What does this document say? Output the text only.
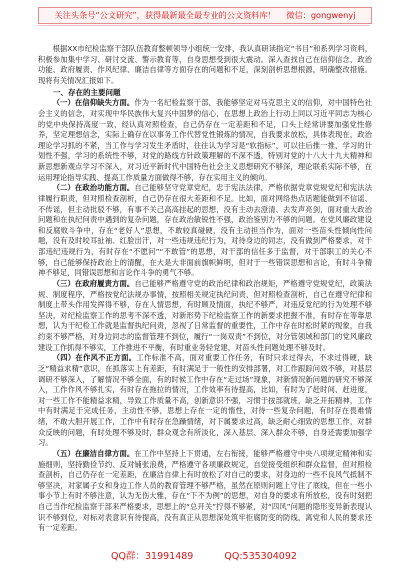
关注头条号“公文研究”，获得最新最全最专业的公文资料库！ 微信：gongwenyj

根据XX市纪检监察干部队伍教育整顿领导小组统一安排，我认真研读指定“书目”和系列学习资料，积极参加集中学习、研讨交流、警示教育等，自身思想受到很大震动。深入查找自己在信仰信念、政治功能、政府履责、作风纪律、廉洁自律等方面存在的问题和不足，深刻剖析思想根源，明确整改措施。现将有关情况汇报如下。

一、存在的主要问题

（一）在信仰缺失方面。作为一名纪检监察干部，我能够坚定对马克思主义的信仰，对中国特色社会主义的信念，对实现中华民族伟大复兴中国梦的信心，在思想上政治上行动上同以习近平同志为核心的党中央保持高度一致，经认真对照检查，自己仍存在一定差距和不足，口头上经常讲要加强党性修养，坚定理想信念，实际上确存在以事务工作代替党性锻炼的情况，自我要求放松，具体表现在，政治理论学习抓的不紧，当工作与学习发生矛盾时，往往认为学习是“软指标”，可以往后推一推，学习的计划性不强，学习的系统性不够，对党的路线方针政策理解的不深不透，特别对党的十八大十九大精神和新思想新观点学习不深入，对习近平新时代中国特色社会主义思想研究不够深，理论联系实际不够，在运用理论指导实践、提高工作质量方面做得不够，存在实用主义的倾向。

（二）在政治功能方面。自己能够坚守党章党纪，忠于宪法法律，严格依据党章党规党纪和宪法法律履行职责，但对照检查剖析，自己仍存在很大差距和不足。比如，面对网络热点话题能做到不信谣、不传谣，但主动批驳不够，有事不关己高高挂起的思想，没有主动去澄清、去发声亮剑，面对重大政治问题和在执纪问责中遇到的复杂问题，存在政治敏锐性不强，政治鉴别力不够的问题。在党风廉政建设和反腐败斗争中，存在“老好人”思想，不敢较真碰硬，没有主动担当作为，面对一些苗头性倾向性问题，没有及时咬耳扯袖、红脸出汗，对一些违规违纪行为，对待身边的同志，没有做到严格要求，对干部违纪违规行为，有时存在“不愿问”“不敢管”的思想，对干部的信任多于监督，对干部职工的关心不够，自己能够保持政治上的清醒，在大是大非面前旗帜鲜明，但对于一些错误思想和言论，有时斗争精神不够足，同错误思想和言论作斗争的勇气不够。

（三）在政府履责方面。自己能够严格遵守党的政治纪律和政治规矩，严格遵守党规党纪，政策法规、制度程序，严格按党纪法规办事情，按照相关规定执纪问责，但对照检查剖析，自己在遵守纪律和制度上带头作用发挥得不够，存在人情思想，有时顾及情面，执纪不够严，对违反党纪的行为处理不够坚决，对纪检监察工作的思考不深不透，对新形势下纪检监察工作的新要求把握不准，有时存在等靠思想，认为干纪检工作就是监督执纪问责，忽视了日常监督的重要性，工作中存在时松时紧的现象，自我约束不够严格，对身边同志的监督管理不到位，履行“一岗双责”不到位，对分管领域和部门的党风廉政建设工作抓得不够实，工作推进不平衡，有时重业务轻党建，对苗头性问题处理不够及时。

（四）在作风不正方面。工作标准不高，面对重要工作任务，有时只求过得去，不求过得硬，缺乏“精益求精”意识，在抓落实上有差距，有时满足于一般性的安排部署，对工作跟踪问效不够，对基层调研不够深入，了解情况不够全面，有的时候工作中存在“走过场”现象，对新情况新问题的研究不够深入，工作作风不够扎实，有时存在拖拉的情况，工作效率有待提高，比如，有时为了赶时间、赶进度，对一些工作不能精益求精，导致工作质量不高，创新意识不强，习惯于按部就班，缺乏开拓精神，工作中有时满足于完成任务，主动性不够，思想上存在一定的惰性，对待一些复杂问题，有时存在畏难情绪，不敢大胆开展工作，工作中有时存在急躁情绪，对下属要求过高，缺乏耐心细致的思想工作，对群众反映的问题，有时处理不够及时，群众观念有所淡化，深入基层、深入群众不够，自身还需要加强学习。

（五）在廉洁自律方面。在工作中坚持上下贯通，左右衔接，能够严格遵守中央八项规定精神和实施细则，坚持勤俭节约、反对铺张浪费，严格遵守各项廉政规定，自觉接受组织和群众监督，但对照检查剖析，自己仍存在一定差距，在廉洁自律上有时放松了对自己的要求，对身边的一些不良风气抵制不够坚决，对家属子女和身边工作人员的教育管理不够严格，虽然在原则问题上守住了底线，但在一些小事小节上有时不够注意，认为无伤大雅，存在“下不为例”的思想，对自身的要求有所放松，没有时刻把自己当作纪检监察干部来严格要求，思想上的“总开关”拧得不够紧，对“四风”问题的隐形变异新表现认识不够到位，对标对表意识有待提高，没有真正从思想深处筑牢拒腐防变的防线，离党和人民的要求还有一定差距。

QQ群：31991489	QQ:535304092
